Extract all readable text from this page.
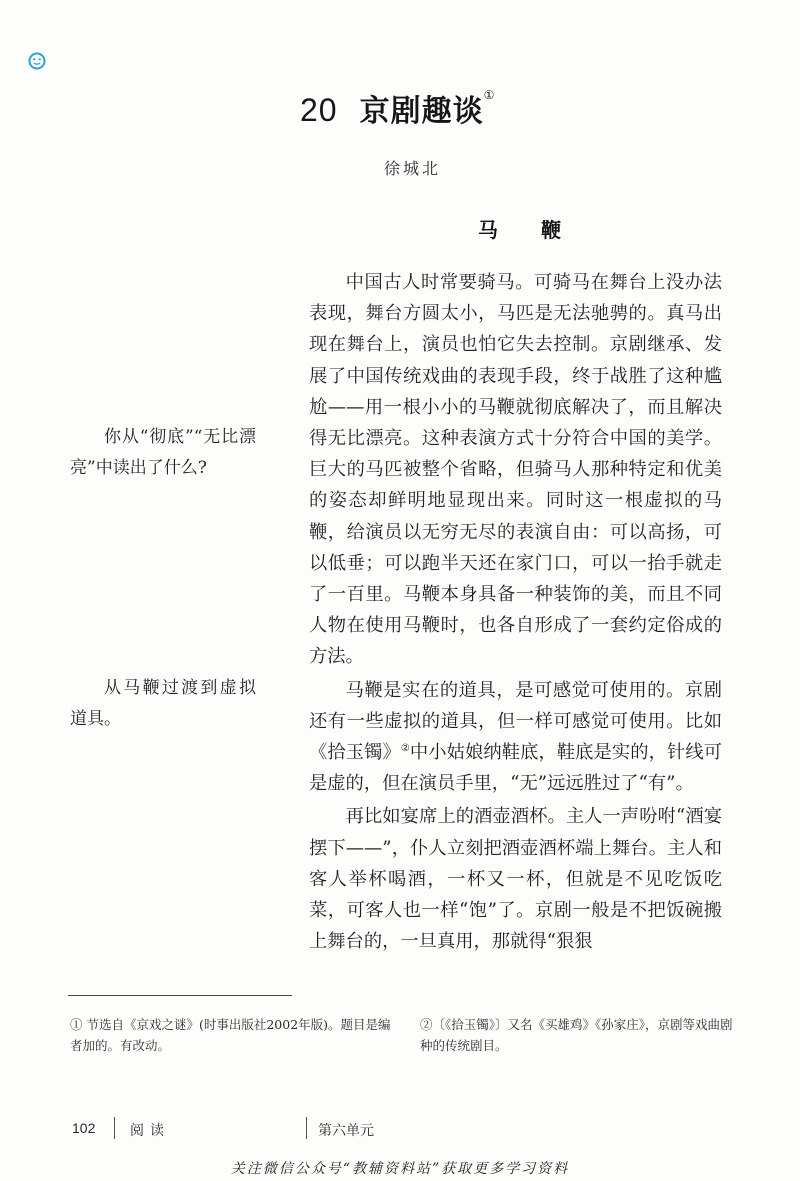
20 京剧趣谈①
徐城北
马 鞭

中国古人时常要骑马。可骑马在舞台上没办法表现，舞台方圆太小，马匹是无法驰骋的。真马出现在舞台上，演员也怕它失去控制。京剧继承、发展了中国传统戏曲的表现手段，终于战胜了这种尴尬——用一根小小的马鞭就彻底解决了，而且解决得无比漂亮。这种表演方式十分符合中国的美学。巨大的马匹被整个省略，但骑马人那种特定和优美的姿态却鲜明地显现出来。同时这一根虚拟的马鞭，给演员以无穷无尽的表演自由：可以高扬，可以低垂；可以跑半天还在家门口，可以一抬手就走了一百里。马鞭本身具备一种装饰的美，而且不同人物在使用马鞭时，也各自形成了一套约定俗成的方法。

马鞭是实在的道具，是可感觉可使用的。京剧还有一些虚拟的道具，但一样可感觉可使用。比如《拾玉镯》②中小姑娘纳鞋底，鞋底是实的，针线可是虚的，但在演员手里，“无”远远胜过了“有”。

再比如宴席上的酒壶酒杯。主人一声吩咐“酒宴摆下——”，仆人立刻把酒壶酒杯端上舞台。主人和客人举杯喝酒，一杯又一杯，但就是不见吃饭吃菜，可客人也一样“饱”了。京剧一般是不把饭碗搬上舞台的，一旦真用，那就得“狠狠

你从“彻底”“无比漂亮”中读出了什么?
从马鞭过渡到虚拟道具。
① 节选自《京戏之谜》(时事出版社2002年版)。题目是编者加的。有改动。
②〔《拾玉镯》〕又名《买雄鸡》《孙家庄》，京剧等戏曲剧种的传统剧目。
102 阅读	第六单元
关注微信公众号“教辅资料站”获取更多学习资料
